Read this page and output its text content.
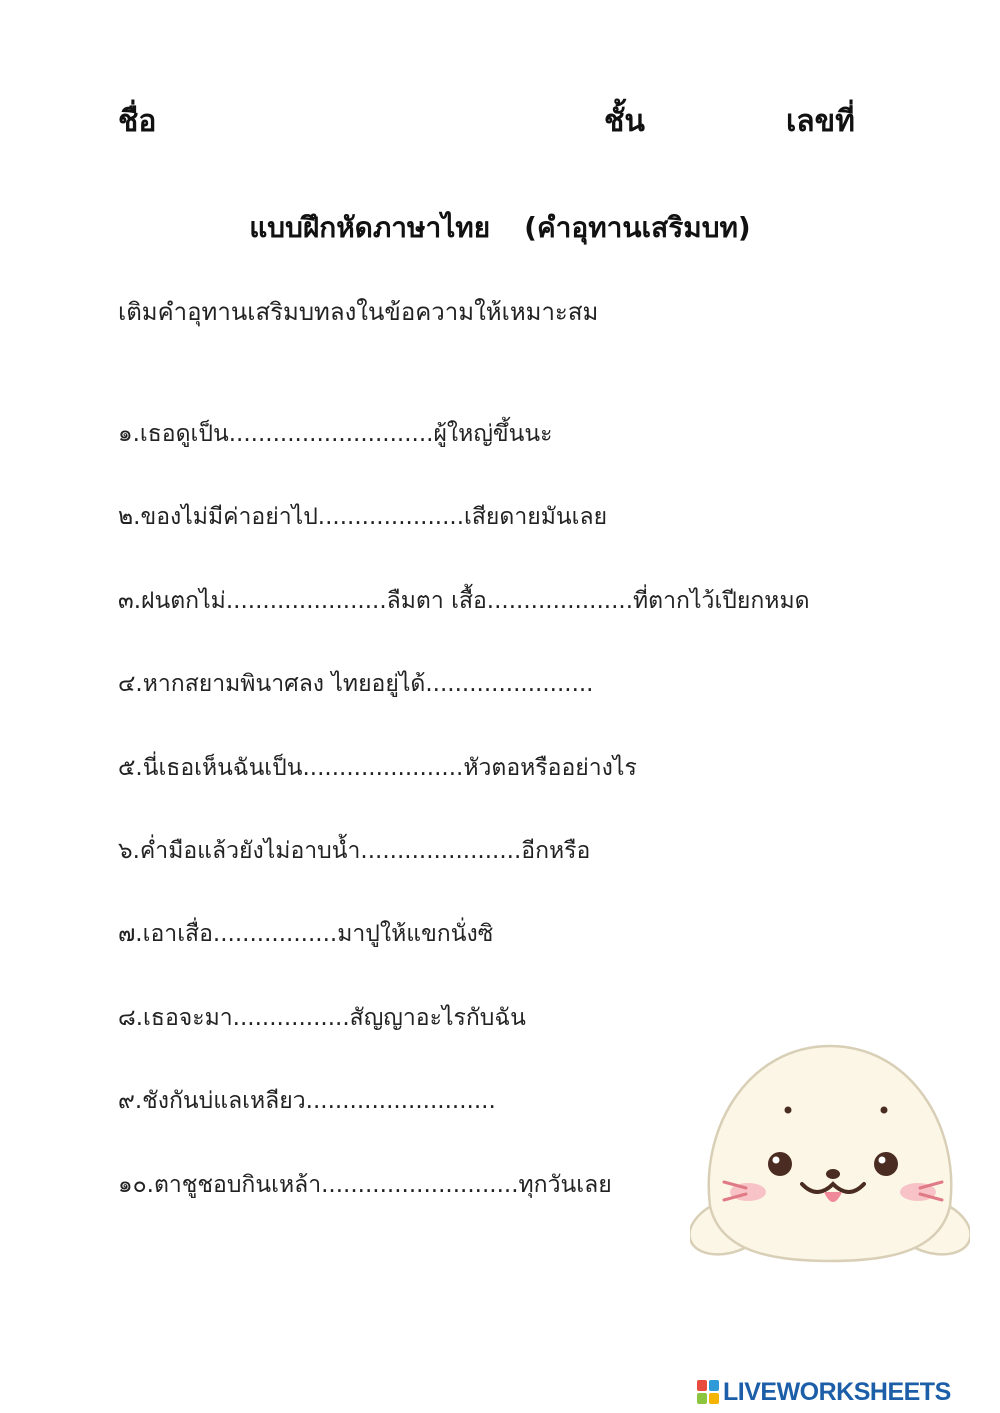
ชื่อ	ชั้น	เลขที่
แบบฝึกหัดภาษาไทย (คำอุทานเสริมบท)
เติมคำอุทานเสริมบทลงในข้อความให้เหมาะสม
๑.เธอดูเป็น............................ผู้ใหญ่ขึ้นนะ
๒.ของไม่มีค่าอย่าไป....................เสียดายมันเลย
๓.ฝนตกไม่......................ลืมตา เสื้อ....................ที่ตากไว้เปียกหมด
๔.หากสยามพินาศลง ไทยอยู่ได้.......................
๕.นี่เธอเห็นฉันเป็น......................หัวตอหรืออย่างไร
๖.ค่ำมือแล้วยังไม่อาบน้ำ......................อีกหรือ
๗.เอาเสื่อ.................มาปูให้แขกนั่งซิ
๘.เธอจะมา................สัญญาอะไรกับฉัน
๙.ชังกันบ่แลเหลียว..........................
๑๐.ตาชูชอบกินเหล้า...........................ทุกวันเลย
LIVEWORKSHEETS
